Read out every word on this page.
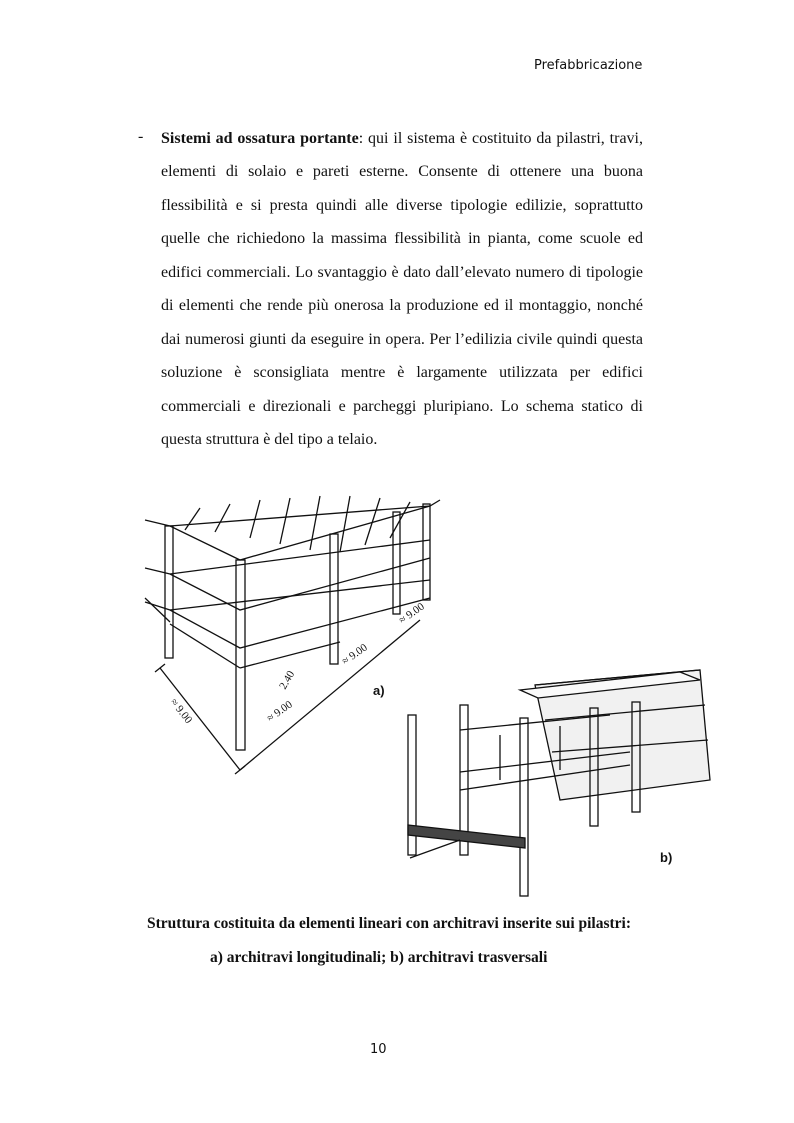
Prefabbricazione
- Sistemi ad ossatura portante: qui il sistema è costituito da pilastri, travi,
elementi di solaio e pareti esterne. Consente di ottenere una buona
flessibilità e si presta quindi alle diverse tipologie edilizie, soprattutto
quelle che richiedono la massima flessibilità in pianta, come scuole ed
edifici commerciali. Lo svantaggio è dato dall’elevato numero di tipologie
di elementi che rende più onerosa la produzione ed il montaggio, nonché
dai numerosi giunti da eseguire in opera. Per l’edilizia civile quindi questa
soluzione è sconsigliata mentre è largamente utilizzata per edifici
commerciali e direzionali e parcheggi pluripiano. Lo schema statico di
questa struttura è del tipo a telaio.
≈ 9.00	≈ 9.00
2.40
≈ 9.00
≈ 9.00
a)
b)
Struttura costituita da elementi lineari con architravi inserite sui pilastri:
a) architravi longitudinali; b) architravi trasversali
10
